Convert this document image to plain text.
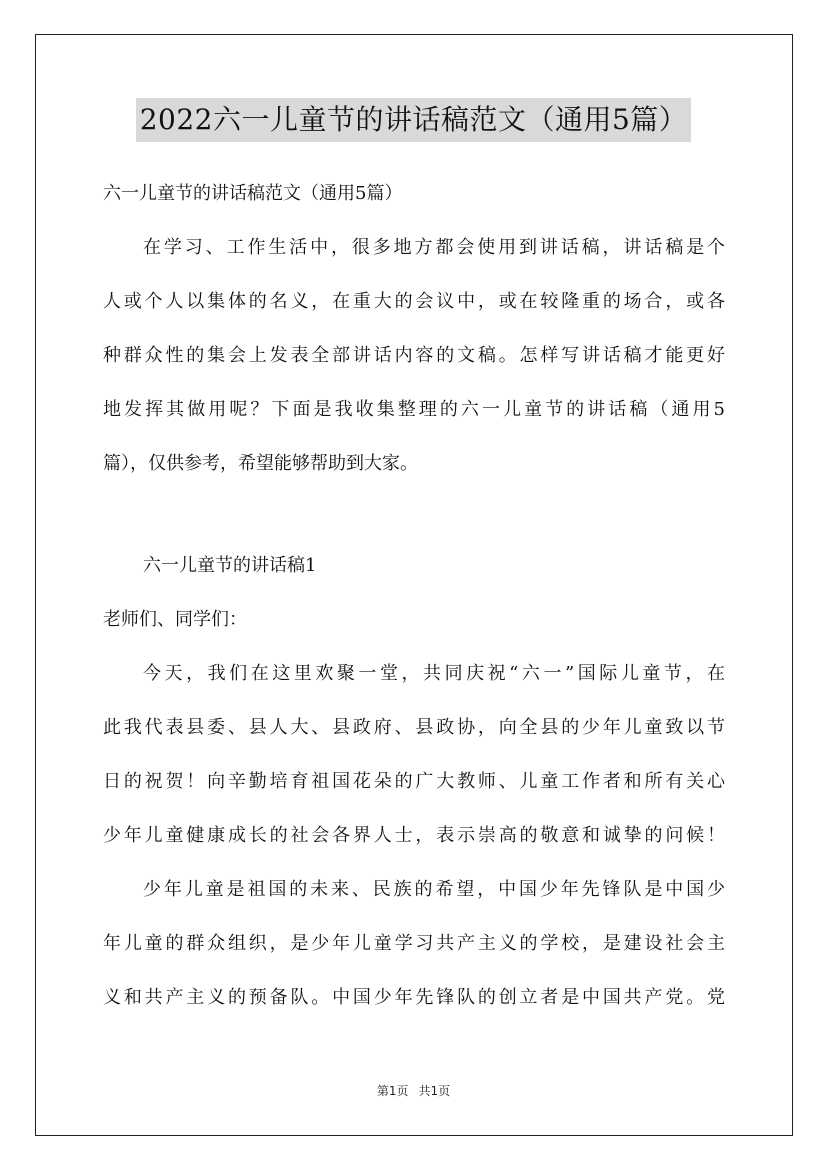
2022六一儿童节的讲话稿范文（通用5篇）
六一儿童节的讲话稿范文（通用5篇）
在学习、工作生活中，很多地方都会使用到讲话稿，讲话稿是个
人或个人以集体的名义，在重大的会议中，或在较隆重的场合，或各
种群众性的集会上发表全部讲话内容的文稿。怎样写讲话稿才能更好
地发挥其做用呢？下面是我收集整理的六一儿童节的讲话稿（通用5
篇），仅供参考，希望能够帮助到大家。
六一儿童节的讲话稿1
老师们、同学们：
今天，我们在这里欢聚一堂，共同庆祝“六一”国际儿童节，在
此我代表县委、县人大、县政府、县政协，向全县的少年儿童致以节
日的祝贺！向辛勤培育祖国花朵的广大教师、儿童工作者和所有关心
少年儿童健康成长的社会各界人士，表示崇高的敬意和诚挚的问候！
少年儿童是祖国的未来、民族的希望，中国少年先锋队是中国少
年儿童的群众组织，是少年儿童学习共产主义的学校，是建设社会主
义和共产主义的预备队。中国少年先锋队的创立者是中国共产党。党
第1页 共1页
